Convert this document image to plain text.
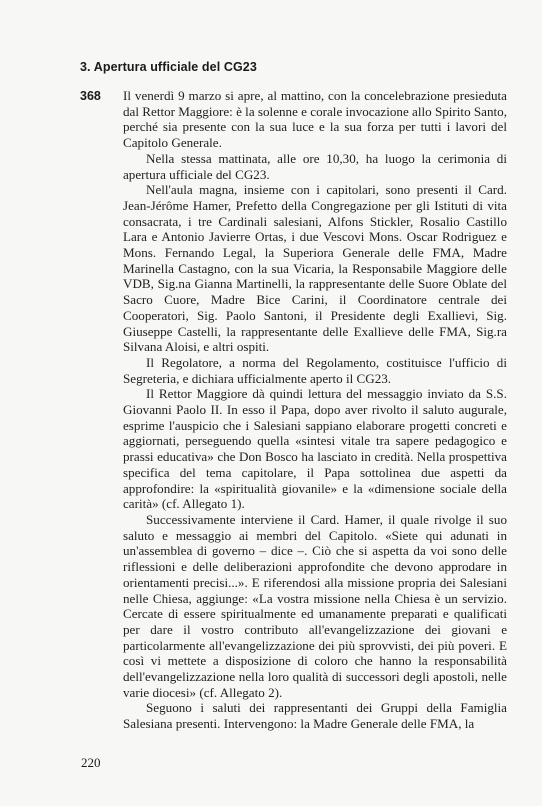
3. Apertura ufficiale del CG23
368 Il venerdì 9 marzo si apre, al mattino, con la concelebrazione presieduta dal Rettor Maggiore: è la solenne e corale invocazione allo Spirito Santo, perché sia presente con la sua luce e la sua forza per tutti i lavori del Capitolo Generale.

Nella stessa mattinata, alle ore 10,30, ha luogo la cerimonia di apertura ufficiale del CG23.

Nell'aula magna, insieme con i capitolari, sono presenti il Card. Jean-Jérôme Hamer, Prefetto della Congregazione per gli Istituti di vita consacrata, i tre Cardinali salesiani, Alfons Stickler, Rosalio Castillo Lara e Antonio Javierre Ortas, i due Vescovi Mons. Oscar Rodriguez e Mons. Fernando Legal, la Superiora Generale delle FMA, Madre Marinella Castagno, con la sua Vicaria, la Responsabile Maggiore delle VDB, Sig.na Gianna Martinelli, la rappresentante delle Suore Oblate del Sacro Cuore, Madre Bice Carini, il Coordinatore centrale dei Cooperatori, Sig. Paolo Santoni, il Presidente degli Exallievi, Sig. Giuseppe Castelli, la rappresentante delle Exallieve delle FMA, Sig.ra Silvana Aloisi, e altri ospiti.

Il Regolatore, a norma del Regolamento, costituisce l'ufficio di Segreteria, e dichiara ufficialmente aperto il CG23.

Il Rettor Maggiore dà quindi lettura del messaggio inviato da S.S. Giovanni Paolo II. In esso il Papa, dopo aver rivolto il saluto augurale, esprime l'auspicio che i Salesiani sappiano elaborare progetti concreti e aggiornati, perseguendo quella «sintesi vitale tra sapere pedagogico e prassi educativa» che Don Bosco ha lasciato in credità. Nella prospettiva specifica del tema capitolare, il Papa sottolinea due aspetti da approfondire: la «spiritualità giovanile» e la «dimensione sociale della carità» (cf. Allegato 1).

Successivamente interviene il Card. Hamer, il quale rivolge il suo saluto e messaggio ai membri del Capitolo. «Siete qui adunati in un'assemblea di governo – dice –. Ciò che si aspetta da voi sono delle riflessioni e delle deliberazioni approfondite che devono approdare in orientamenti precisi...». E riferendosi alla missione propria dei Salesiani nelle Chiesa, aggiunge: «La vostra missione nella Chiesa è un servizio. Cercate di essere spiritualmente ed umanamente preparati e qualificati per dare il vostro contributo all'evangelizzazione dei giovani e particolarmente all'evangelizzazione dei più sprovvisti, dei più poveri. E così vi mettete a disposizione di coloro che hanno la responsabilità dell'evangelizzazione nella loro qualità di successori degli apostoli, nelle varie diocesi» (cf. Allegato 2).

Seguono i saluti dei rappresentanti dei Gruppi della Famiglia Salesiana presenti. Intervengono: la Madre Generale delle FMA, la

220
